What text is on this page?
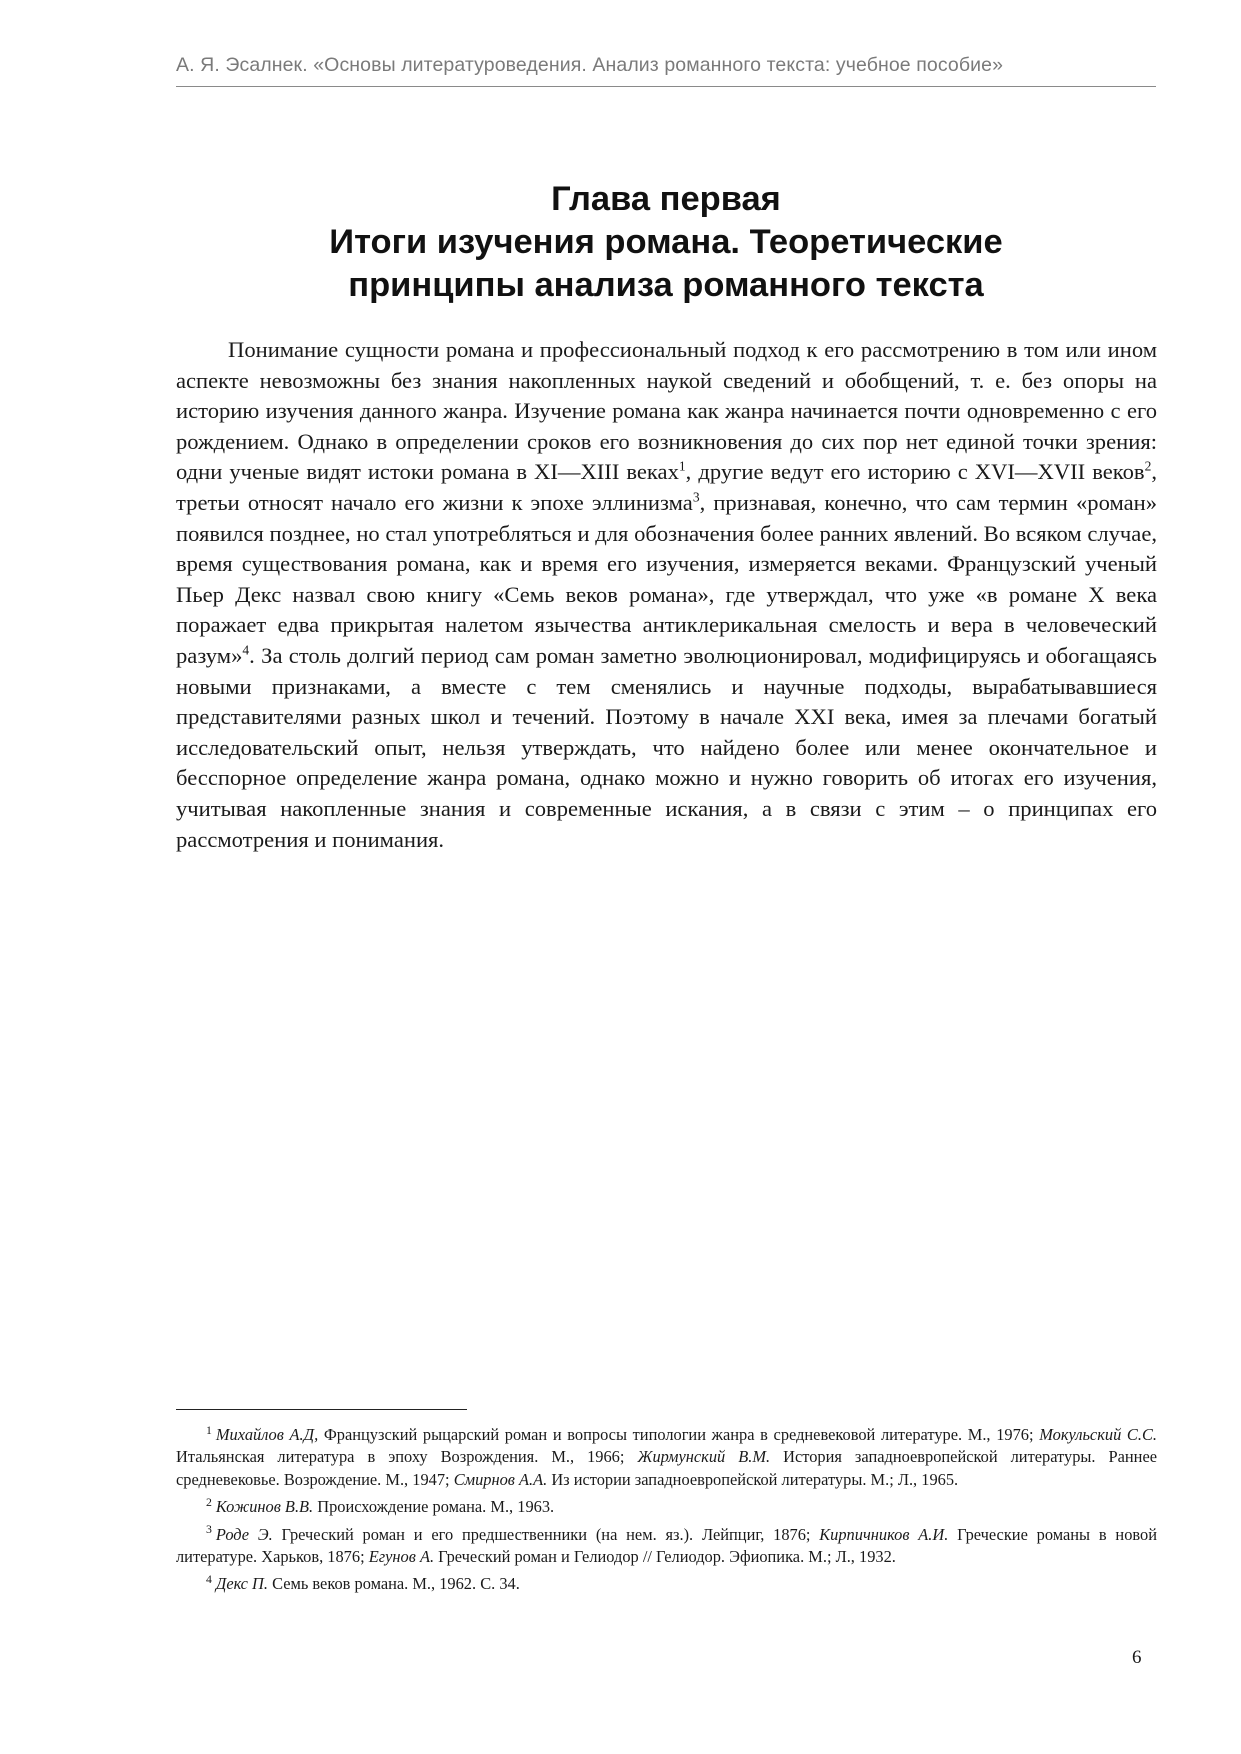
А. Я. Эсалнек. «Основы литературоведения. Анализ романного текста: учебное пособие»
Глава первая
Итоги изучения романа. Теоретические
принципы анализа романного текста

Понимание сущности романа и профессиональный подход к его рассмотрению в том или ином аспекте невозможны без знания накопленных наукой сведений и обобщений, т. е. без опоры на историю изучения данного жанра. Изучение романа как жанра начинается почти одновременно с его рождением. Однако в определении сроков его возникновения до сих пор нет единой точки зрения: одни ученые видят истоки романа в XI—XIII веках$^1$, другие ведут его историю с XVI—XVII веков$^2$, третьи относят начало его жизни к эпохе эллинизма$^3$, признавая, конечно, что сам термин «роман» появился позднее, но стал употребляться и для обозначения более ранних явлений. Во всяком случае, время существования романа, как и время его изучения, измеряется веками. Французский ученый Пьер Декс назвал свою книгу «Семь веков романа», где утверждал, что уже «в романе X века поражает едва прикрытая налетом язычества антиклерикальная смелость и вера в человеческий разум»$^4$. За столь долгий период сам роман заметно эволюционировал, модифицируясь и обогащаясь новыми признаками, а вместе с тем сменялись и научные подходы, вырабатывавшиеся представителями разных школ и течений. Поэтому в начале XXI века, имея за плечами богатый исследовательский опыт, нельзя утверждать, что найдено более или менее окончательное и бесспорное определение жанра романа, однако можно и нужно говорить об итогах его изучения, учитывая накопленные знания и современные искания, а в связи с этим – о принципах его рассмотрения и понимания.

$^1$ Михайлов А.Д, Французский рыцарский роман и вопросы типологии жанра в средневековой литературе. М., 1976; Мокульский С.С. Итальянская литература в эпоху Возрождения. М., 1966; Жирмунский В.М. История западноевропейской литературы. Раннее средневековье. Возрождение. М., 1947; Смирнов А.А. Из истории западноевропейской литературы. М.; Л., 1965.

$^2$ Кожинов В.В. Происхождение романа. М., 1963.

$^3$ Роде Э. Греческий роман и его предшественники (на нем. яз.). Лейпциг, 1876; Кирпичников А.И. Греческие романы в новой литературе. Харьков, 1876; Егунов А. Греческий роман и Гелиодор // Гелиодор. Эфиопика. М.; Л., 1932.

$^4$ Декс П. Семь веков романа. М., 1962. С. 34.

6
